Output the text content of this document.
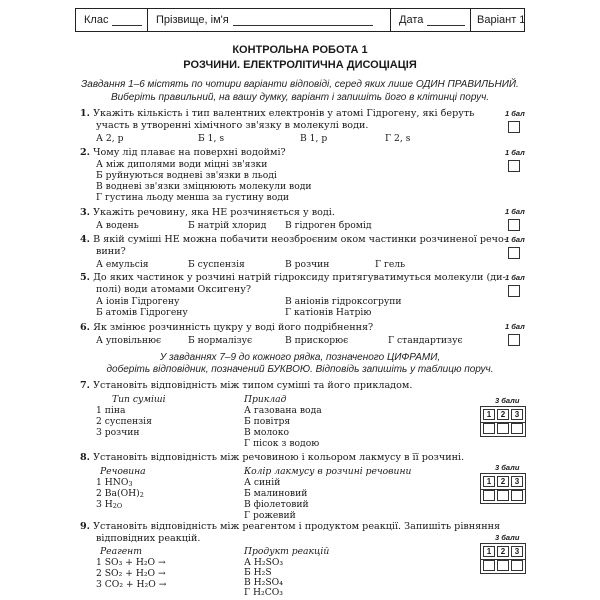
Клас	Прізвище, ім'я	Дата	Варіант 1
КОНТРОЛЬНА РОБОТА 1
РОЗЧИНИ. ЕЛЕКТРОЛІТИЧНА ДИСОЦІАЦІЯ
Завдання 1–6 містять по чотири варіанти відповіді, серед яких лише ОДИН ПРАВИЛЬНИЙ.
Виберіть правильний, на вашу думку, варіант і запишіть його в клітинці поруч.
1. Укажіть кількість і тип валентних електронів у атомі Гідрогену, які беруть
участь в утворенні хімічного зв'язку в молекулі води.
А 2, p	Б 1, s	В 1, p	Г 2, s
1 бал
2. Чому лід плаває на поверхні водоймі?
А між диполями води міцні зв'язки
Б руйнуються водневі зв'язки в льоді
В водневі зв'язки зміцнюють молекули води
Г густина льоду менша за густину води
1 бал
3. Укажіть речовину, яка НЕ розчиняється у воді.
А водень	Б натрій хлорид В гідроген бромід
1 бал
4. В якій суміші НЕ можна побачити неозброєним оком частинки розчиненої речо-
вини?
А емульсія	Б суспензія	В розчин	Г гель
1 бал
5. До яких частинок у розчині натрій гідроксиду притягуватимуться молекули (ди-
полі) води атомами Оксигену?
А іонів Гідрогену	В аніонів гідроксогрупи
Б атомів Гідрогену	Г катіонів Натрію
1 бал
6. Як змінює розчинність цукру у воді його подрібнення?
А уповільнює	Б нормалізує	В прискорює	Г стандартизує
1 бал
У завданнях 7–9 до кожного рядка, позначеного ЦИФРАМИ,
доберіть відповідник, позначений БУКВОЮ. Відповідь запишіть у таблицю поруч.
7. Установіть відповідність між типом суміші та його прикладом.
Тип суміші	Приклад
1 піна
2 суспензія
3 розчин
А газована вода
Б повітря
В молоко
Г пісок з водою
3 бали
1	2	3
8. Установіть відповідність між речовиною і кольором лакмусу в її розчині.
Речовина	Колір лакмусу в розчині речовини
1 HNO3
2 Ba(OH)2
3 H2O
А синій
Б малиновий
В фіолетовий
Г рожевий
3 бали
1	2	3
9. Установіть відповідність між реагентом і продуктом реакції. Запишіть рівняння
відповідних реакцій.
Реагент	Продукт реакцій
1 SO₃ + H₂O →
2 SO₂ + H₂O →
3 CO₂ + H₂O →
А H₂SO₃
Б H₂S
В H₂SO₄
Г H₂CO₃
3 бали
1	2	3
